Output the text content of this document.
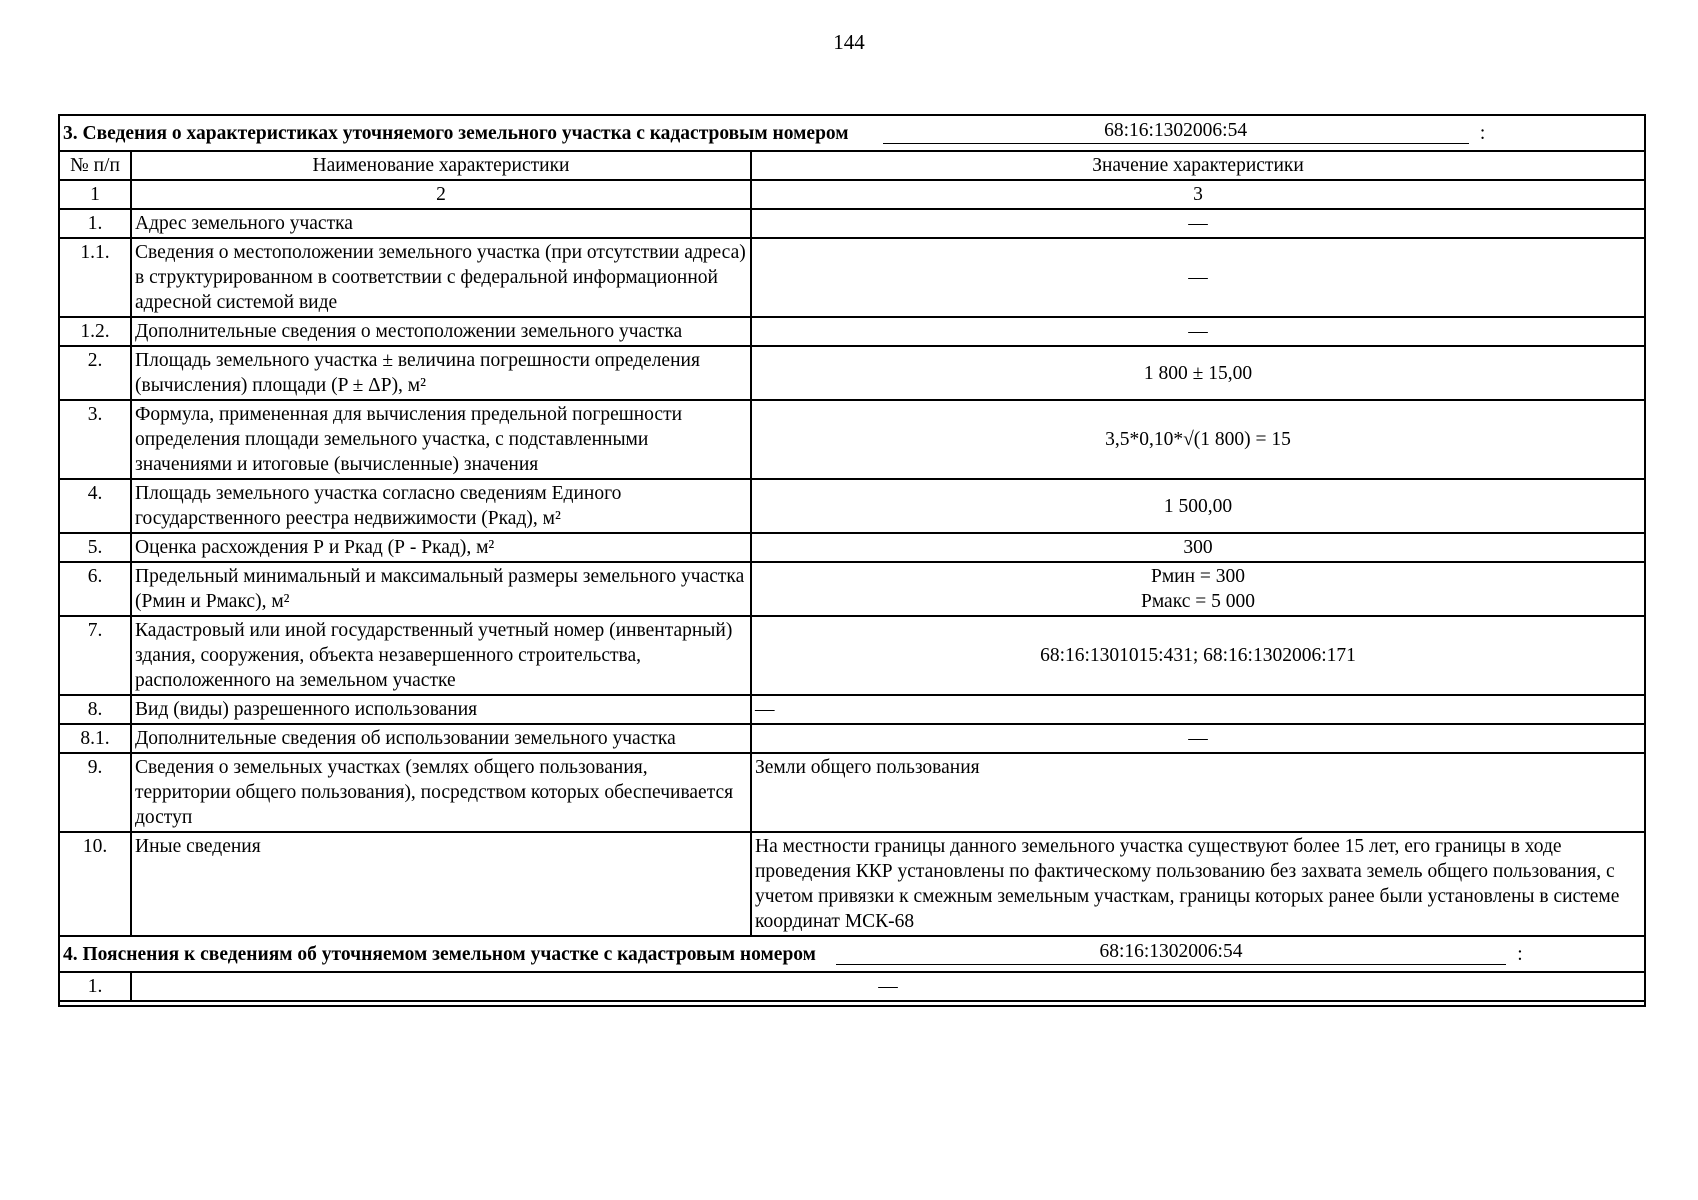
144
3. Сведения о характеристиках уточняемого земельного участка с кадастровым номером 68:16:1302006:54 :		

№ п/п	Наименование характеристики	Значение характеристики
1	2	3
1.	Адрес земельного участка	—
1.1.	Сведения о местоположении земельного участка (при отсутствии адреса) в структурированном в соответствии с федеральной информационной адресной системой виде	—
1.2.	Дополнительные сведения о местоположении земельного участка	—
2.	Площадь земельного участка ± величина погрешности определения (вычисления) площади (P ± ΔP), м²	1 800 ± 15,00
3.	Формула, примененная для вычисления предельной погрешности определения площади земельного участка, с подставленными значениями и итоговые (вычисленные) значения	3,5*0,10*√(1 800) = 15
4.	Площадь земельного участка согласно сведениям Единого государственного реестра недвижимости (Ркад), м²	1 500,00
5.	Оценка расхождения Р и Ркад (Р - Ркад), м²	300
6.	Предельный минимальный и максимальный размеры земельного участка (Рмин и Рмакс), м²	Рмин = 300
Рмакс = 5 000

7.	Кадастровый или иной государственный учетный номер (инвентарный) здания, сооружения, объекта незавершенного строительства, расположенного на земельном участке	68:16:1301015:431; 68:16:1302006:171
8.	Вид (виды) разрешенного использования	—
8.1.	Дополнительные сведения об использовании земельного участка	—
9.	Сведения о земельных участках (землях общего пользования, территории общего пользования), посредством которых обеспечивается доступ	Земли общего пользования
10.	Иные сведения	На местности границы данного земельного участка существуют более 15 лет, его границы в ходе проведения ККР установлены по фактическому пользованию без захвата земель общего пользования, с учетом привязки к смежным земельным участкам, границы которых ранее были установлены в системе координат МСК-68

4. Пояснения к сведениям об уточняемом земельном участке с кадастровым номером 68:16:1302006:54 :		

1.	—	
